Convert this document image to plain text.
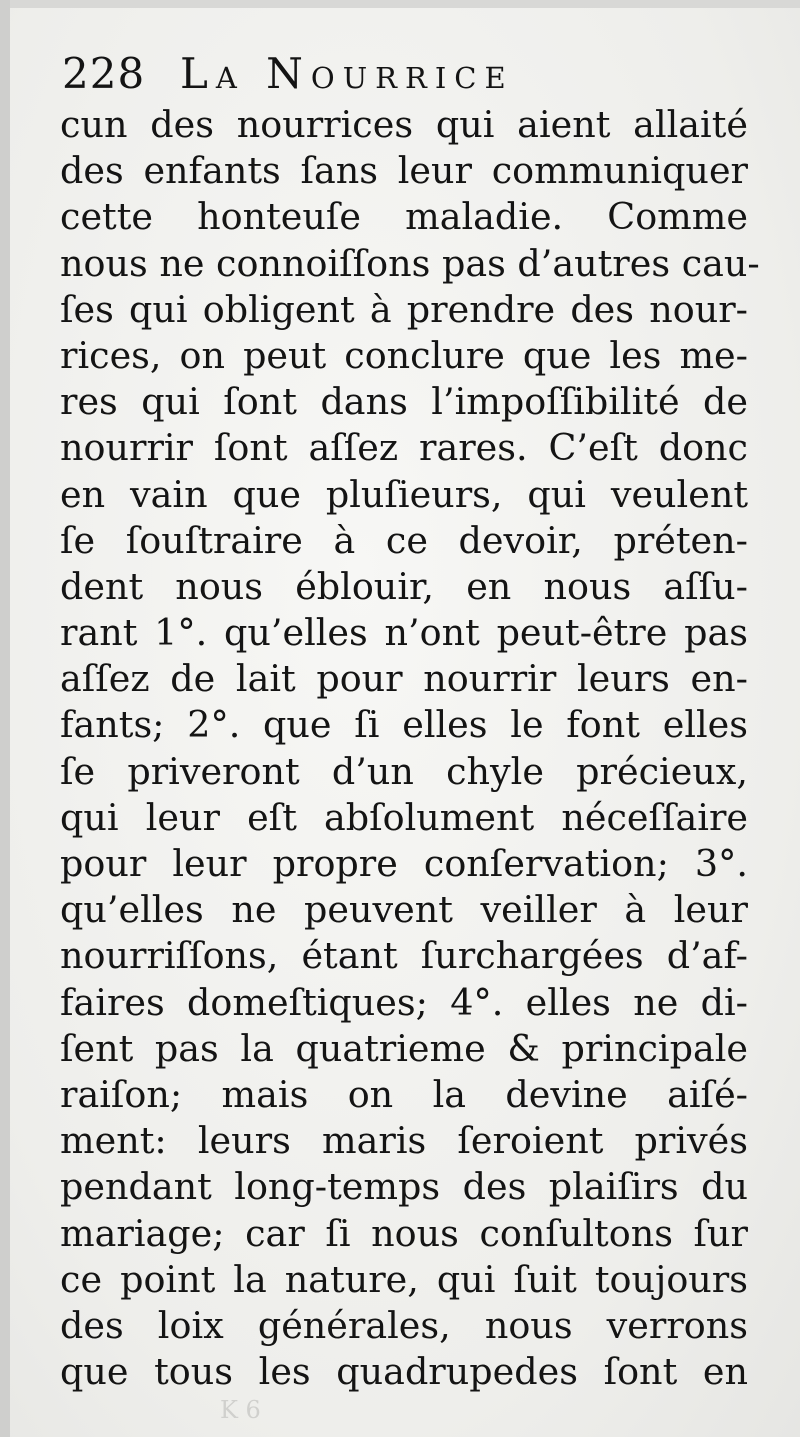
228 La Nourrice
cun des nourrices qui aient allaité
des enfants ſans leur communiquer
cette honteuſe maladie. Comme
nous ne connoiſſons pas d’autres cau-
ſes qui obligent à prendre des nour-
rices, on peut conclure que les me-
res qui ſont dans l’impoſſibilité de
nourrir ſont aſſez rares. C’eſt donc
en vain que pluſieurs, qui veulent
ſe ſouſtraire à ce devoir, préten-
dent nous éblouir, en nous aſſu-
rant 1°. qu’elles n’ont peut-être pas
aſſez de lait pour nourrir leurs en-
fants; 2°. que ſi elles le font elles
ſe priveront d’un chyle précieux,
qui leur eſt abſolument néceſſaire
pour leur propre conſervation; 3°.
qu’elles ne peuvent veiller à leur
nourriſſons, étant ſurchargées d’af-
faires domeſtiques; 4°. elles ne di-
ſent pas la quatrieme & principale
raiſon; mais on la devine aiſé-
ment: leurs maris ſeroient privés
pendant long-temps des plaiſirs du
mariage; car ſi nous conſultons ſur
ce point la nature, qui ſuit toujours
des loix générales, nous verrons
que tous les quadrupedes ſont en
K 6
